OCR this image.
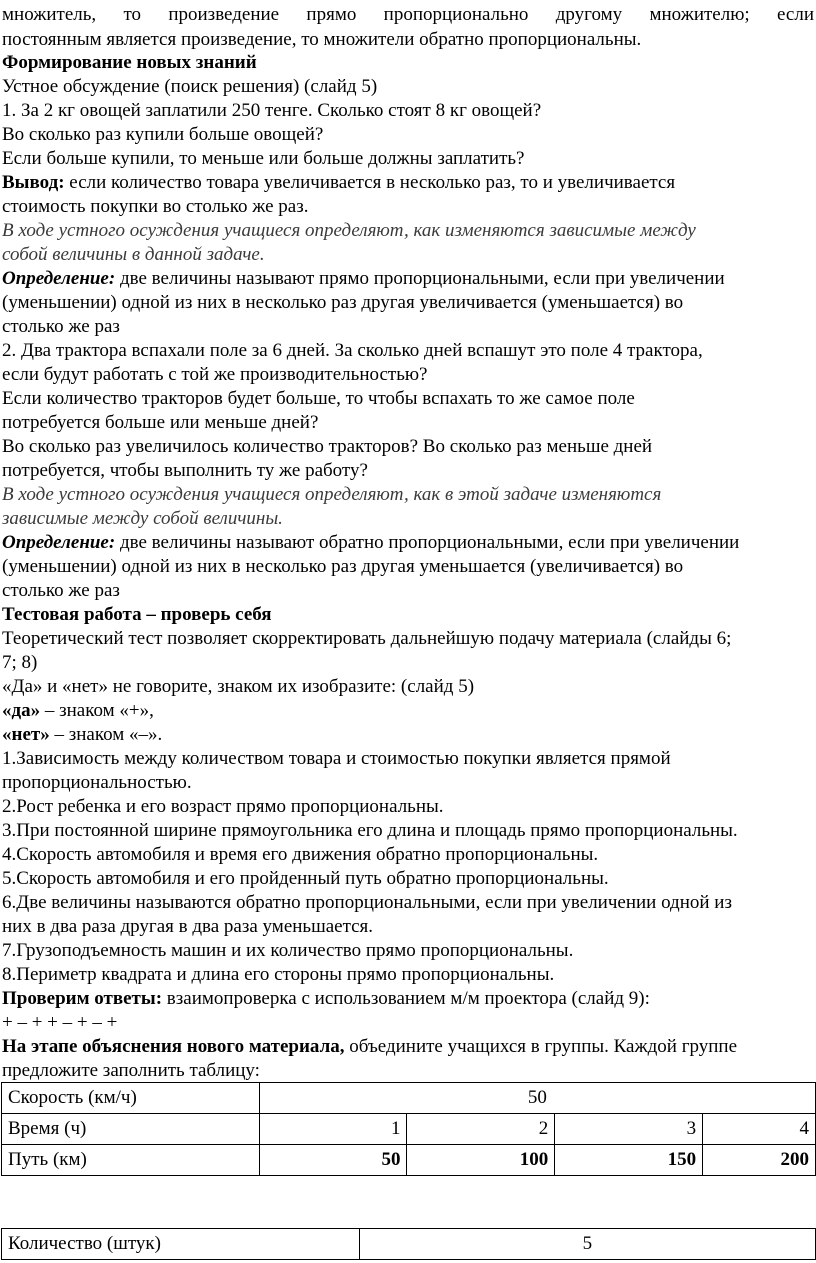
множитель, то произведение прямо пропорционально другому множителю; если
постоянным является произведение, то множители обратно пропорциональны.
Формирование новых знаний
Устное обсуждение (поиск решения) (слайд 5)
1. За 2 кг овощей заплатили 250 тенге. Сколько стоят 8 кг овощей?
Во сколько раз купили больше овощей?
Если больше купили, то меньше или больше должны заплатить?
Вывод: если количество товара увеличивается в несколько раз, то и увеличивается
стоимость покупки во столько же раз.
В ходе устного осуждения учащиеся определяют, как изменяются зависимые между
собой величины в данной задаче.
Определение: две величины называют прямо пропорциональными, если при увеличении
(уменьшении) одной из них в несколько раз другая увеличивается (уменьшается) во
столько же раз
2. Два трактора вспахали поле за 6 дней. За сколько дней вспашут это поле 4 трактора,
если будут работать с той же производительностью?
Если количество тракторов будет больше, то чтобы вспахать то же самое поле
потребуется больше или меньше дней?
Во сколько раз увеличилось количество тракторов? Во сколько раз меньше дней
потребуется, чтобы выполнить ту же работу?
В ходе устного осуждения учащиеся определяют, как в этой задаче изменяются
зависимые между собой величины.
Определение: две величины называют обратно пропорциональными, если при увеличении
(уменьшении) одной из них в несколько раз другая уменьшается (увеличивается) во
столько же раз
Тестовая работа – проверь себя
Теоретический тест позволяет скорректировать дальнейшую подачу материала (слайды 6;
7; 8)
«Да» и «нет» не говорите, знаком их изобразите: (слайд 5)
«да» – знаком «+»,
«нет» – знаком «–».
1.Зависимость между количеством товара и стоимостью покупки является прямой
пропорциональностью.
2.Рост ребенка и его возраст прямо пропорциональны.
3.При постоянной ширине прямоугольника его длина и площадь прямо пропорциональны.
4.Скорость автомобиля и время его движения обратно пропорциональны.
5.Скорость автомобиля и его пройденный путь обратно пропорциональны.
6.Две величины называются обратно пропорциональными, если при увеличении одной из
них в два раза другая в два раза уменьшается.
7.Грузоподъемность машин и их количество прямо пропорциональны.
8.Периметр квадрата и длина его стороны прямо пропорциональны.
Проверим ответы: взаимопроверка с использованием м/м проектора (слайд 9):
+ – + + – + – +
На этапе объяснения нового материала, объедините учащихся в группы. Каждой группе
предложите заполнить таблицу:
Скорость (км/ч)	50			
Время (ч)	1	2	3	4
Путь (км)	50	100	150	200
Количество (штук)	5
